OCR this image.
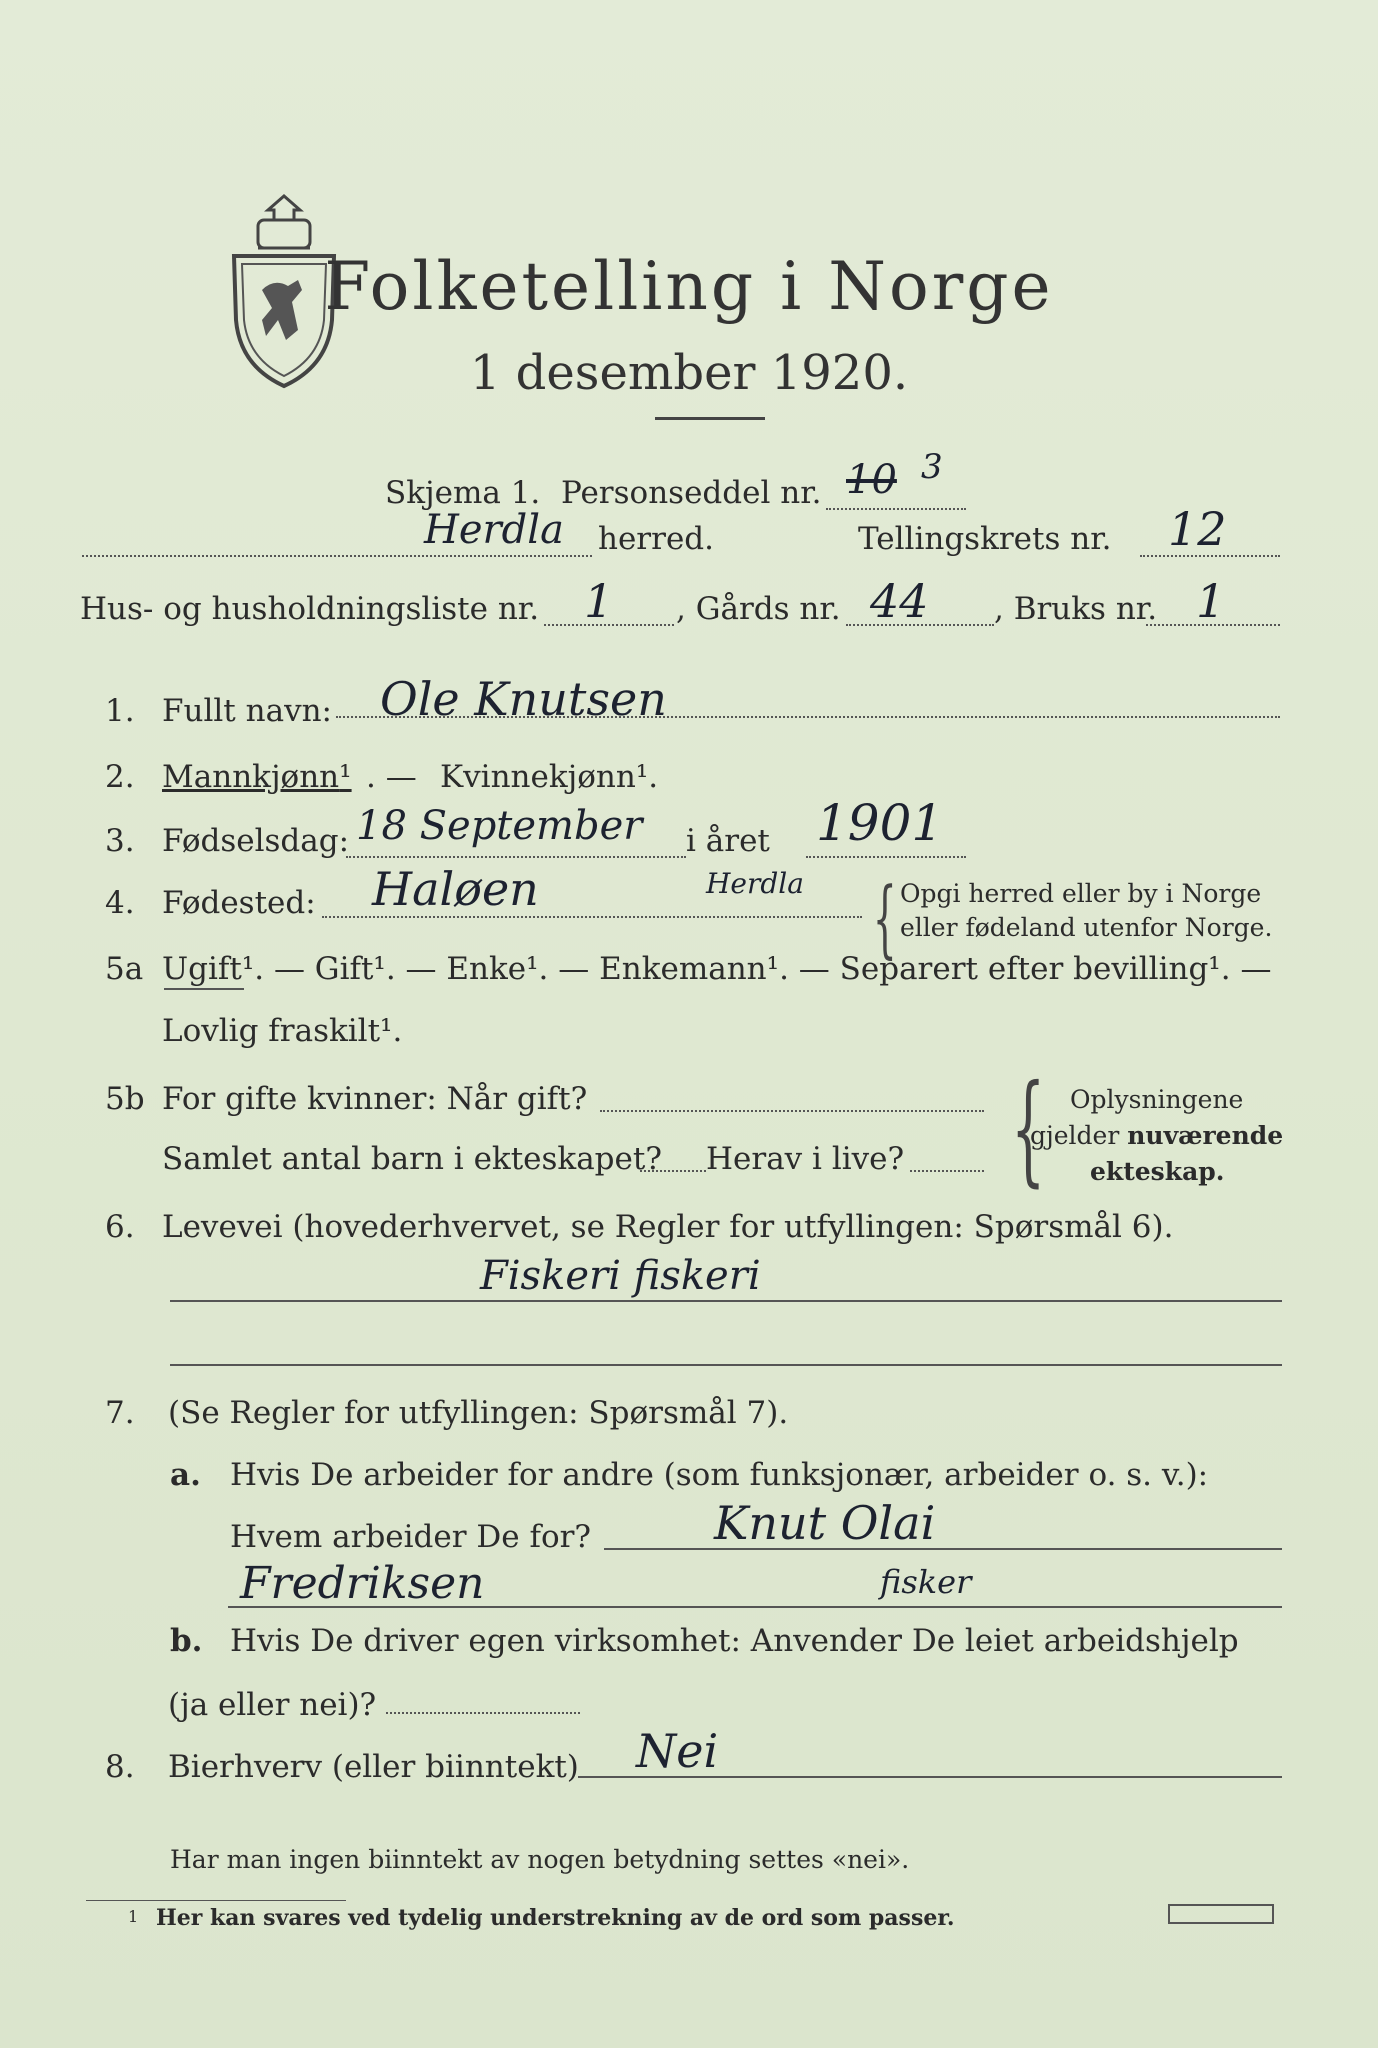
Folketelling i Norge
1 desember 1920.
Skjema 1. Personseddel nr. 10 3
Herdla herred.	Tellingskrets nr. 12
Hus- og husholdningsliste nr. 1 , Gårds nr. 44 , Bruks nr. 1
1. Fullt navn: Ole Knutsen
2. Mannkjønn¹ . — Kvinnekjønn¹.
3. Fødselsdag: 18 September i året 1901
4. Fødested: Haløen	Herdla { Opgi herred eller by i Norge
eller fødeland utenfor Norge.
5a Ugift¹. — Gift¹. — Enke¹. — Enkemann¹. — Separert efter bevilling¹. —
Lovlig fraskilt¹.
5b For gifte kvinner: Når gift?
Samlet antal barn i ekteskapet? Herav i live? { Oplysningene
gjelder nuværende
ekteskap.
6. Levevei (hovederhvervet, se Regler for utfyllingen: Spørsmål 6).
Fiskeri fiskeri
7. (Se Regler for utfyllingen: Spørsmål 7).
a. Hvis De arbeider for andre (som funksjonær, arbeider o. s. v.):
Hvem arbeider De for?	Knut Olai
Fredriksen	fisker
b. Hvis De driver egen virksomhet: Anvender De leiet arbeidshjelp
(ja eller nei)?
8. Bierhverv (eller biinntekt) Nei
Har man ingen biinntekt av nogen betydning settes «nei».
1 Her kan svares ved tydelig understrekning av de ord som passer.
